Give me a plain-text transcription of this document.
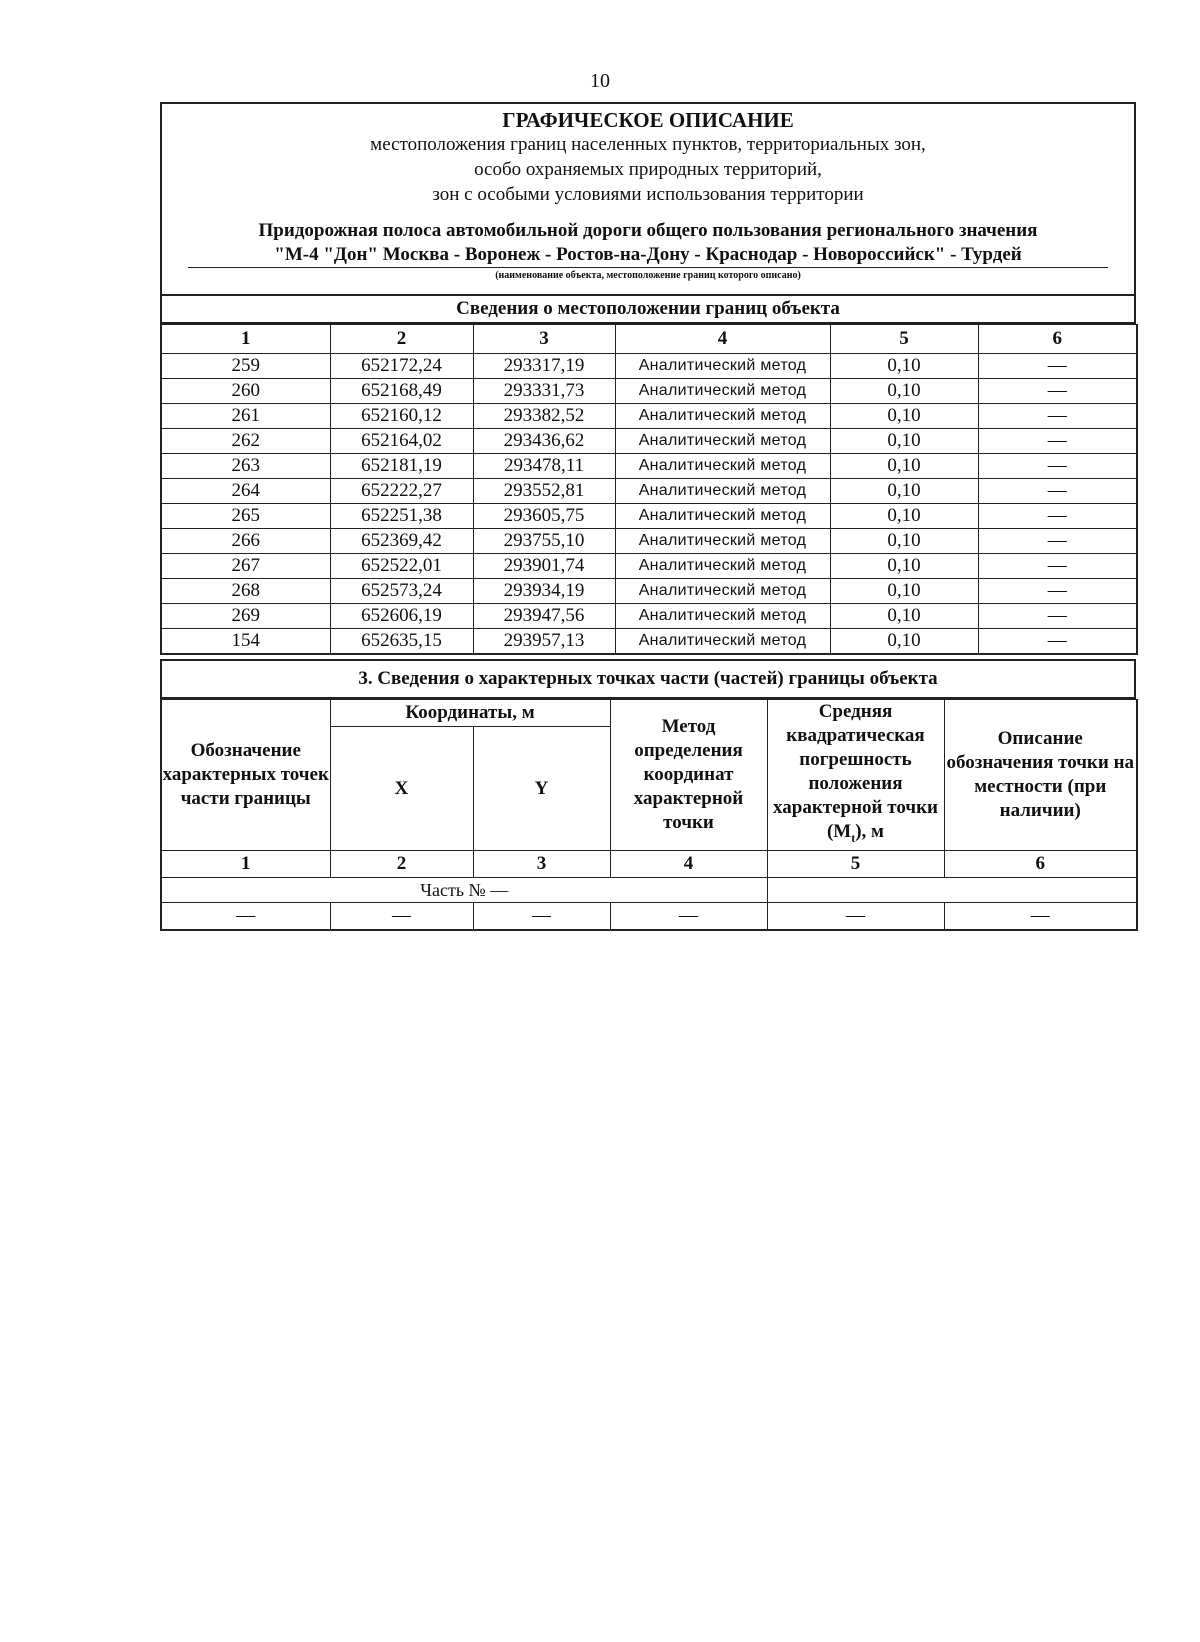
10
ГРАФИЧЕСКОЕ ОПИСАНИЕ
местоположения границ населенных пунктов, территориальных зон,
особо охраняемых природных территорий,
зон с особыми условиями использования территории
Придорожная полоса автомобильной дороги общего пользования регионального значения
"М-4 "Дон" Москва - Воронеж - Ростов-на-Дону - Краснодар - Новороссийск" - Турдей
(наименование объекта, местоположение границ которого описано)
Сведения о местоположении границ объекта
1	2	3	4	5	6
259	652172,24	293317,19	Аналитический метод	0,10	—
260	652168,49	293331,73	Аналитический метод	0,10	—
261	652160,12	293382,52	Аналитический метод	0,10	—
262	652164,02	293436,62	Аналитический метод	0,10	—
263	652181,19	293478,11	Аналитический метод	0,10	—
264	652222,27	293552,81	Аналитический метод	0,10	—
265	652251,38	293605,75	Аналитический метод	0,10	—
266	652369,42	293755,10	Аналитический метод	0,10	—
267	652522,01	293901,74	Аналитический метод	0,10	—
268	652573,24	293934,19	Аналитический метод	0,10	—
269	652606,19	293947,56	Аналитический метод	0,10	—
154	652635,15	293957,13	Аналитический метод	0,10	—
3. Сведения о характерных точках части (частей) границы объекта
Обозначение характерных точек части границы	Координаты, м		Метод определения координат характерной точки	Средняя квадратическая погрешность положения характерной точки $(M_t)$, м	Описание обозначения точки на местности (при наличии)
	X	Y			
1	2	3	4	5	6
Часть № —					
—	—	—	—	—	—
